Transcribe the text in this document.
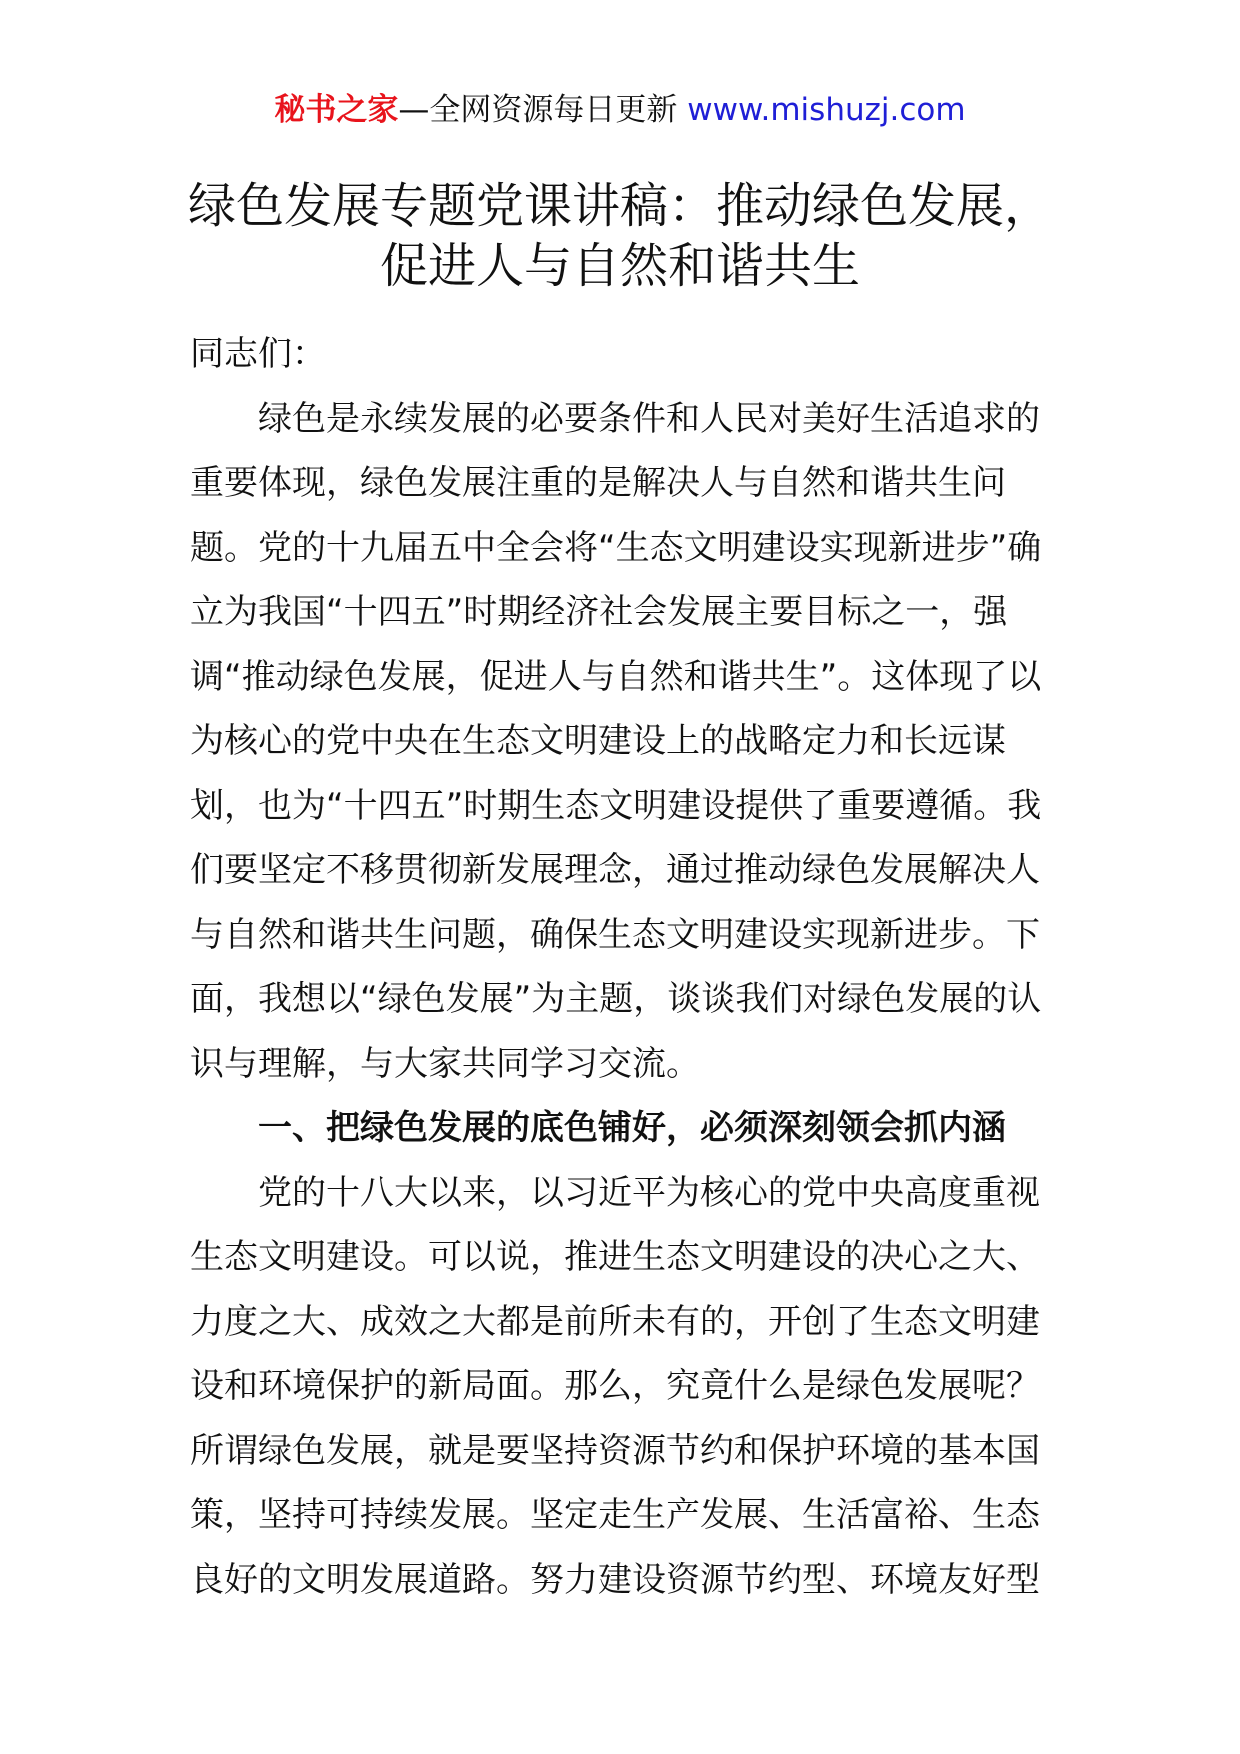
秘书之家—全网资源每日更新 www.mishuzj.com
绿色发展专题党课讲稿：推动绿色发展，
促进人与自然和谐共生

同志们：

绿色是永续发展的必要条件和人民对美好生活追求的重要体现，绿色发展注重的是解决人与自然和谐共生问题。党的十九届五中全会将“生态文明建设实现新进步”确立为我国“十四五”时期经济社会发展主要目标之一，强调“推动绿色发展，促进人与自然和谐共生”。这体现了以为核心的党中央在生态文明建设上的战略定力和长远谋划，也为“十四五”时期生态文明建设提供了重要遵循。我们要坚定不移贯彻新发展理念，通过推动绿色发展解决人与自然和谐共生问题，确保生态文明建设实现新进步。下面，我想以“绿色发展”为主题，谈谈我们对绿色发展的认识与理解，与大家共同学习交流。

一、把绿色发展的底色铺好，必须深刻领会抓内涵

党的十八大以来，以习近平为核心的党中央高度重视生态文明建设。可以说，推进生态文明建设的决心之大、力度之大、成效之大都是前所未有的，开创了生态文明建设和环境保护的新局面。那么，究竟什么是绿色发展呢？所谓绿色发展，就是要坚持资源节约和保护环境的基本国策，坚持可持续发展。坚定走生产发展、生活富裕、生态良好的文明发展道路。努力建设资源节约型、环境友好型
